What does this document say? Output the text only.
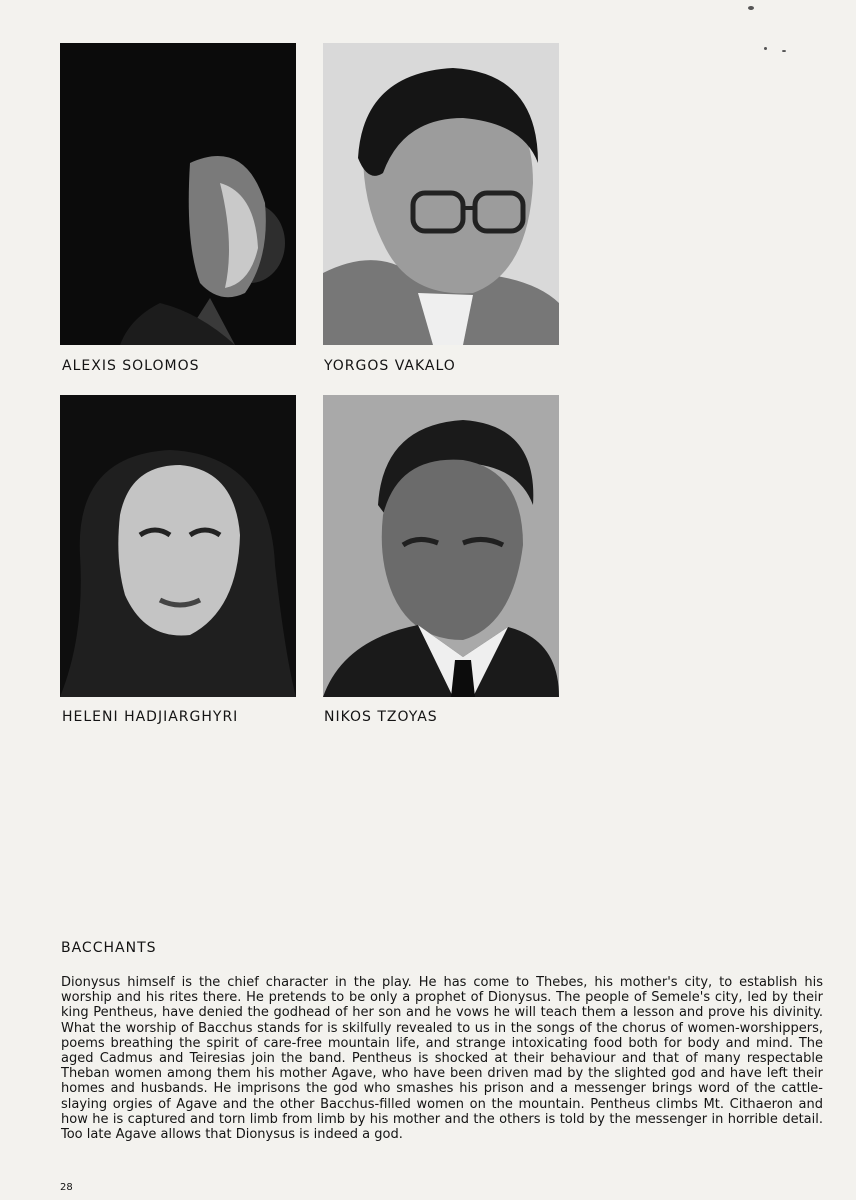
ALEXIS SOLOMOS	YORGOS VAKALO
HELENI HADJIARGHYRI	NIKOS TZOYAS
BACCHANTS

Dionysus himself is the chief character in the play. He has come to Thebes, his mother's city, to establish his worship and his rites there. He pretends to be only a prophet of Dionysus. The people of Semele's city, led by their king Pentheus, have denied the godhead of her son and he vows he will teach them a lesson and prove his divinity. What the worship of Bacchus stands for is skilfully revealed to us in the songs of the chorus of women-worshippers, poems breathing the spirit of care-free mountain life, and strange intoxicating food both for body and mind. The aged Cadmus and Teiresias join the band. Pentheus is shocked at their behaviour and that of many respectable Theban women among them his mother Agave, who have been driven mad by the slighted god and have left their homes and husbands. He imprisons the god who smashes his prison and a messenger brings word of the cattle-slaying orgies of Agave and the other Bacchus-filled women on the mountain. Pentheus climbs Mt. Cithaeron and how he is captured and torn limb from limb by his mother and the others is told by the messenger in horrible detail. Too late Agave allows that Dionysus is indeed a god.

28
